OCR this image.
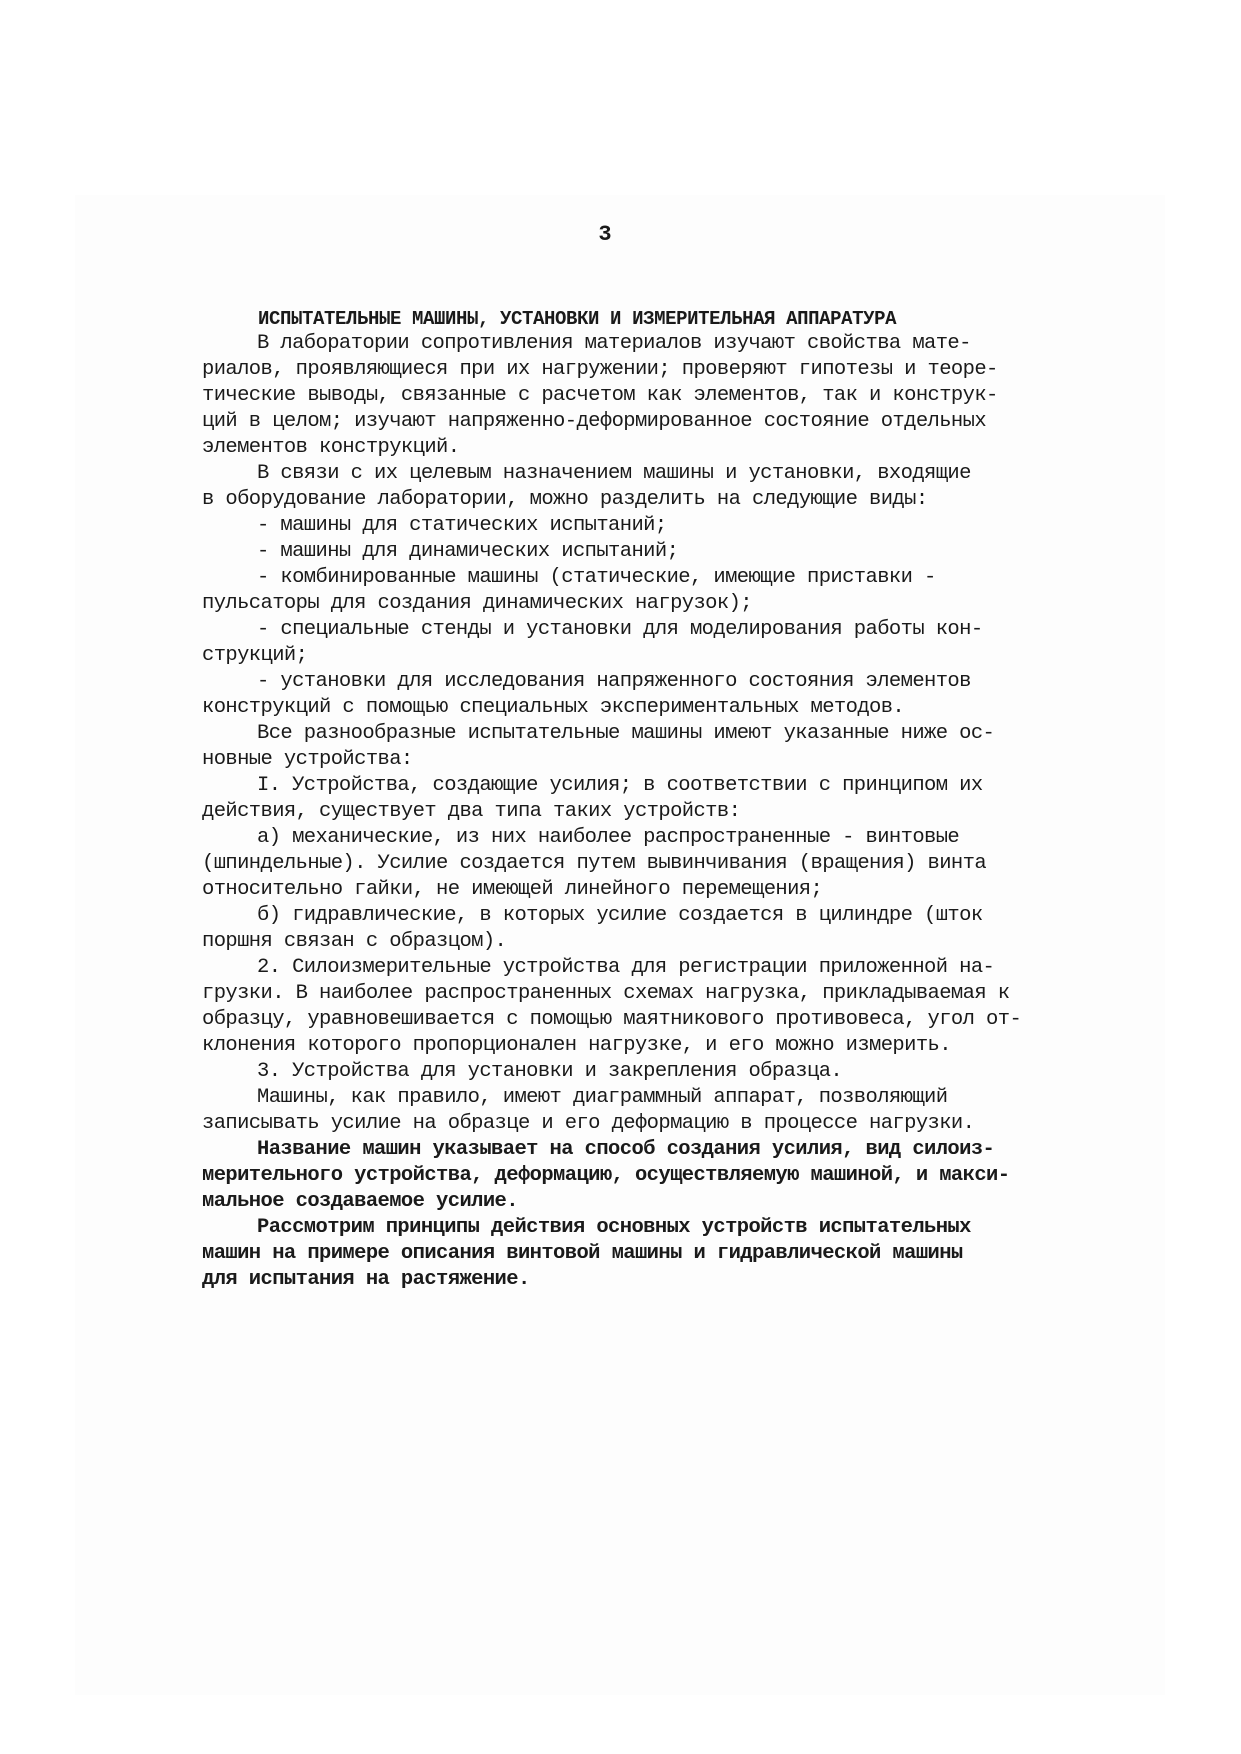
3
ИСПЫТАТЕЛЬНЫЕ МАШИНЫ, УСТАНОВКИ И ИЗМЕРИТЕЛЬНАЯ АППАРАТУРА
В лаборатории сопротивления материалов изучают свойства мате-
риалов, проявляющиеся при их нагружении; проверяют гипотезы и теоре-
тические выводы, связанные с расчетом как элементов, так и конструк-
ций в целом; изучают напряженно-деформированное состояние отдельных
элементов конструкций.
В связи с их целевым назначением машины и установки, входящие
в оборудование лаборатории, можно разделить на следующие виды:
- машины для статических испытаний;
- машины для динамических испытаний;
- комбинированные машины (статические, имеющие приставки -
пульсаторы для создания динамических нагрузок);
- специальные стенды и установки для моделирования работы кон-
струкций;
- установки для исследования напряженного состояния элементов
конструкций с помощью специальных экспериментальных методов.
Все разнообразные испытательные машины имеют указанные ниже ос-
новные устройства:
I. Устройства, создающие усилия; в соответствии с принципом их
действия, существует два типа таких устройств:
а) механические, из них наиболее распространенные - винтовые
(шпиндельные). Усилие создается путем вывинчивания (вращения) винта
относительно гайки, не имеющей линейного перемещения;
б) гидравлические, в которых усилие создается в цилиндре (шток
поршня связан с образцом).
2. Силоизмерительные устройства для регистрации приложенной на-
грузки. В наиболее распространенных схемах нагрузка, прикладываемая к
образцу, уравновешивается с помощью маятникового противовеса, угол от-
клонения которого пропорционален нагрузке, и его можно измерить.
3. Устройства для установки и закрепления образца.
Машины, как правило, имеют диаграммный аппарат, позволяющий
записывать усилие на образце и его деформацию в процессе нагрузки.
Название машин указывает на способ создания усилия, вид силоиз-
мерительного устройства, деформацию, осуществляемую машиной, и макси-
мальное создаваемое усилие.
Рассмотрим принципы действия основных устройств испытательных
машин на примере описания винтовой машины и гидравлической машины
для испытания на растяжение.
